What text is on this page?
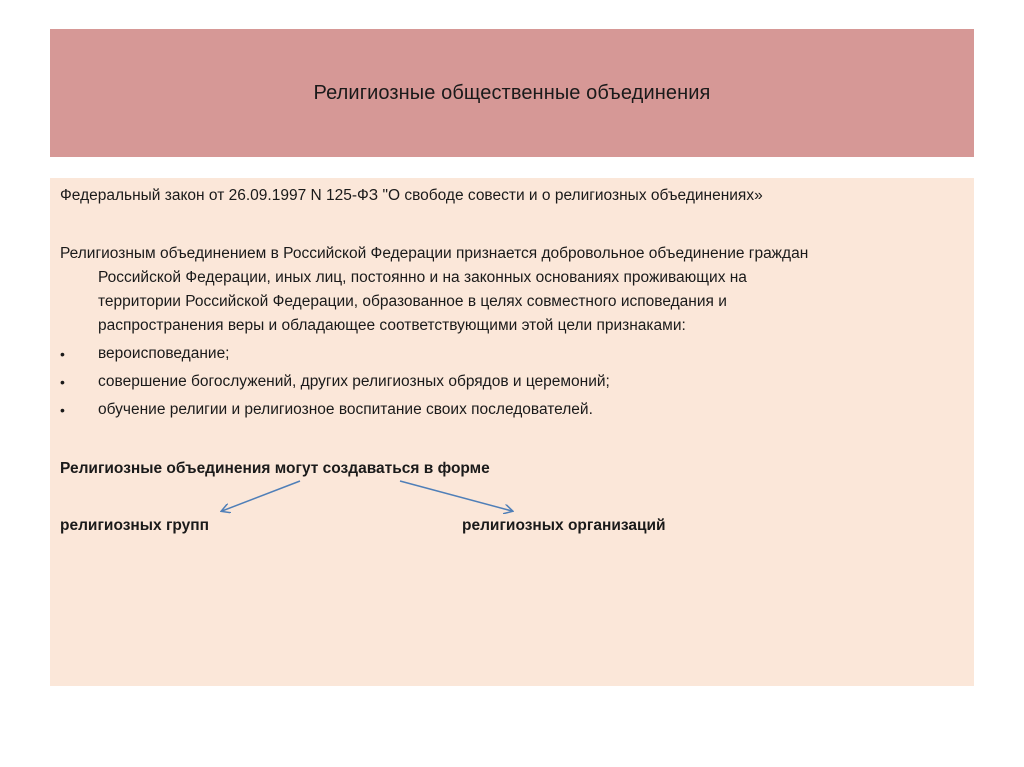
Религиозные общественные объединения
Федеральный закон от 26.09.1997 N 125-ФЗ "О свободе совести и о религиозных объединениях»
Религиозным объединением в Российской Федерации признается добровольное объединение граждан
Российской Федерации, иных лиц, постоянно и на законных основаниях проживающих на
территории Российской Федерации, образованное в целях совместного исповедания и
распространения веры и обладающее соответствующими этой цели признаками:
• вероисповедание;
• совершение богослужений, других религиозных обрядов и церемоний;
• обучение религии и религиозное воспитание своих последователей.
Религиозные объединения могут создаваться в форме
религиозных групп	религиозных организаций
